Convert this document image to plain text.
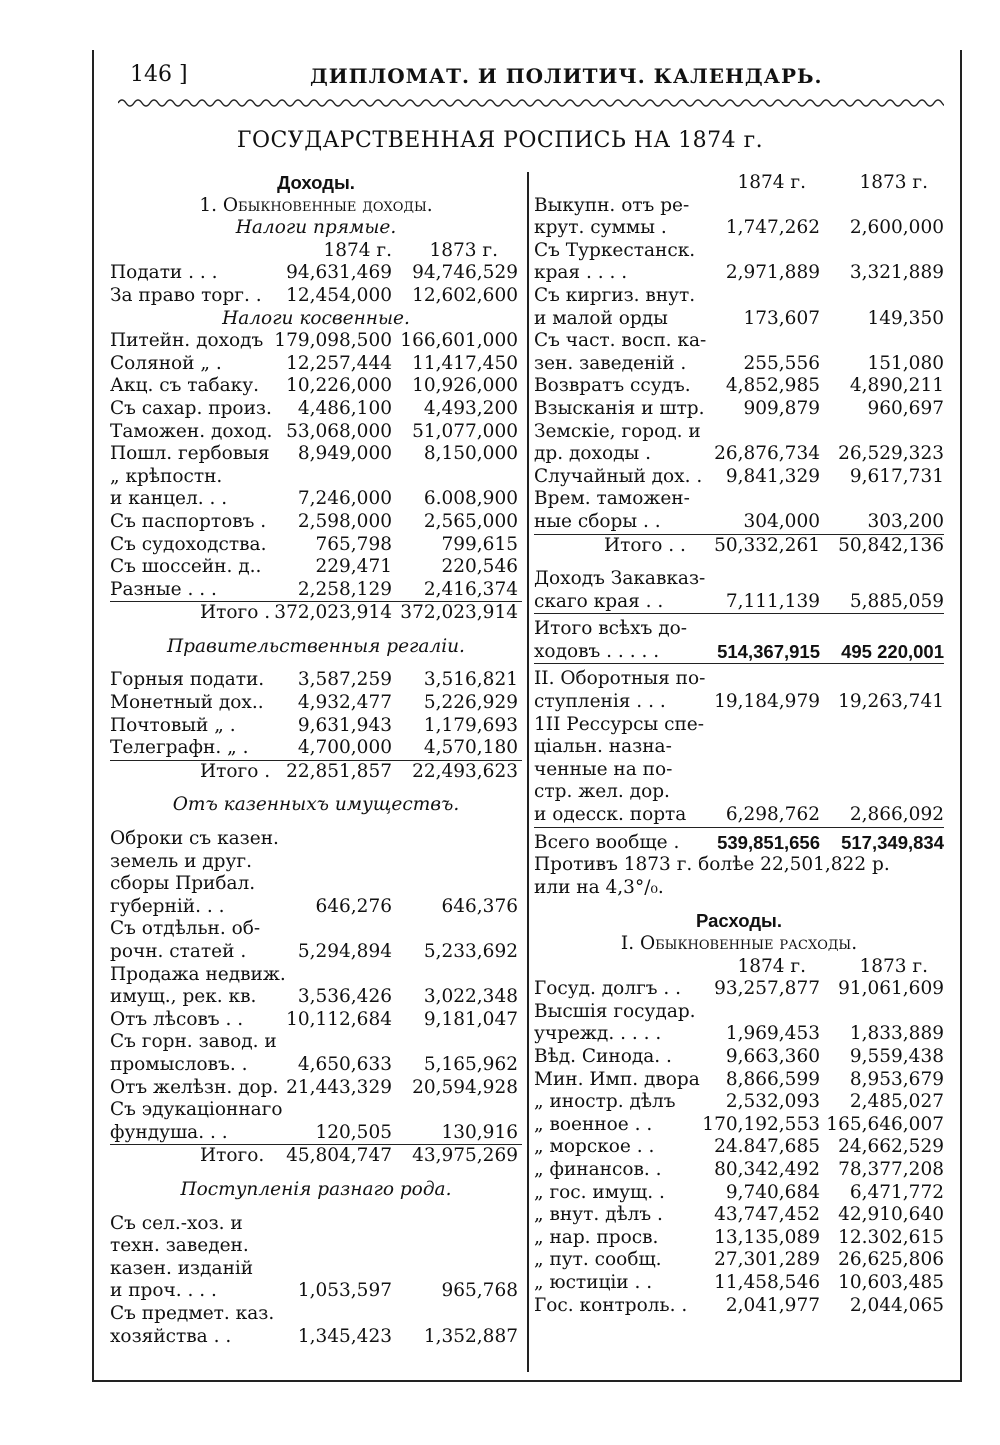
146 ]	ДИПЛОМАТ. И ПОЛИТИЧ. КАЛЕНДАРЬ.
ГОСУДАРСТВЕННАЯ РОСПИСЬ НА 1874 г.
Доходы.
1. Обыкновенные доходы.
Налоги прямые.
1874 г. 1873 г.
Подати . . .	94,631,469 94,746,529
За право торг. . 12,454,000 12,602,600
Налоги косвенные.
Питейн. доходъ 179,098,500 166,601,000
Соляной „ .	12,257,444 11,417,450
Акц. съ табаку. 10,226,000 10,926,000
Съ сахар. произ. 4,486,100 4,493,200
Таможен. доход. 53,068,000 51,077,000
Пошл. гербовыя 8,949,000 8,150,000
„ крѣпостн.
и канцел. . .	7,246,000 6.008,900
Съ паспортовъ . 2,598,000 2,565,000
Съ судоходства.	765,798	799,615
Съ шоссейн. д..	229,471	220,546
Разные . . .	2,258,129 2,416,374
Итого . 372,023,914 372,023,914
Правительственныя регаліи.
Горныя подати. 3,587,259 3,516,821
Монетный дох.. 4,932,477 5,226,929
Почтовый „ .	9,631,943 1,179,693
Телеграфн. „ .	4,700,000 4,570,180
Итого . 22,851,857 22,493,623
Отъ казенныхъ имуществъ.
Оброки съ казен.
земель и друг.
сборы Прибал.
губерній. . .	646,276	646,376
Съ отдѣльн. об-
рочн. статей .	5,294,894 5,233,692
Продажа недвиж.
имущ., рек. кв. 3,536,426 3,022,348
Отъ лѣсовъ . . 10,112,684 9,181,047
Съ горн. завод. и
промысловъ. .	4,650,633 5,165,962
Отъ желѣзн. дор. 21,443,329 20,594,928
Съ эдукаціоннаго
фундуша. . .	120,505	130,916
Итого. 45,804,747 43,975,269
Поступленія разнаго рода.
Съ сел.-хоз. и
техн. заведен.
казен. изданій
и проч. . . .	1,053,597	965,768
Съ предмет. каз.
хозяйства . .	1,345,423 1,352,887
1874 г.	1873 г.
Выкупн. отъ ре-
крут. суммы .	1,747,262 2,600,000
Съ Туркестанск.
края . . . .	2,971,889 3,321,889
Съ киргиз. внут.
и малой орды	173,607	149,350
Съ част. восп. ка-
зен. заведеній .	255,556	151,080
Возвратъ ссудъ. 4,852,985 4,890,211
Взысканія и штр. 909,879	960,697
Земскіе, город. и
др. доходы .	26,876,734 26,529,323
Случайный дох. . 9,841,329 9,617,731
Врем. таможен-
ные сборы . .	304,000	303,200
Итого . . 50,332,261 50,842,136
Доходъ Закавказ-
скаго края . .	7,111,139 5,885,059
Итого всѣхъ до-
ходовъ . . . . .	514,367,915 495 220,001
II. Оборотныя по-
ступленія . . .	19,184,979 19,263,741
1II Рессурсы спе-
ціальн. назна-
ченные на по-
стр. жел. дор.
и одесск. порта 6,298,762 2,866,092
Всего вообще . 539,851,656 517,349,834
Противъ 1873 г. болѣе 22,501,822 р.
или на 4,3°/₀.
Расходы.
I. Обыкновенные расходы.
1874 г.	1873 г.
Госуд. долгъ . . 93,257,877 91,061,609
Высшія государ.
учрежд. . . . .	1,969,453 1,833,889
Вѣд. Синода. .	9,663,360 9,559,438
Мин. Имп. двора 8,866,599 8,953,679
„ иностр. дѣлъ	2,532,093 2,485,027
„ военное . .	170,192,553 165,646,007
„ морское . .	24.847,685 24,662,529
„ финансов. .	80,342,492 78,377,208
„ гос. имущ. .	9,740,684 6,471,772
„ внут. дѣлъ .	43,747,452 42,910,640
„ нар. просв.	13,135,089 12.302,615
„ пут. сообщ.	27,301,289 26,625,806
„ юстиціи . .	11,458,546 10,603,485
Гос. контроль. . 2,041,977 2,044,065
